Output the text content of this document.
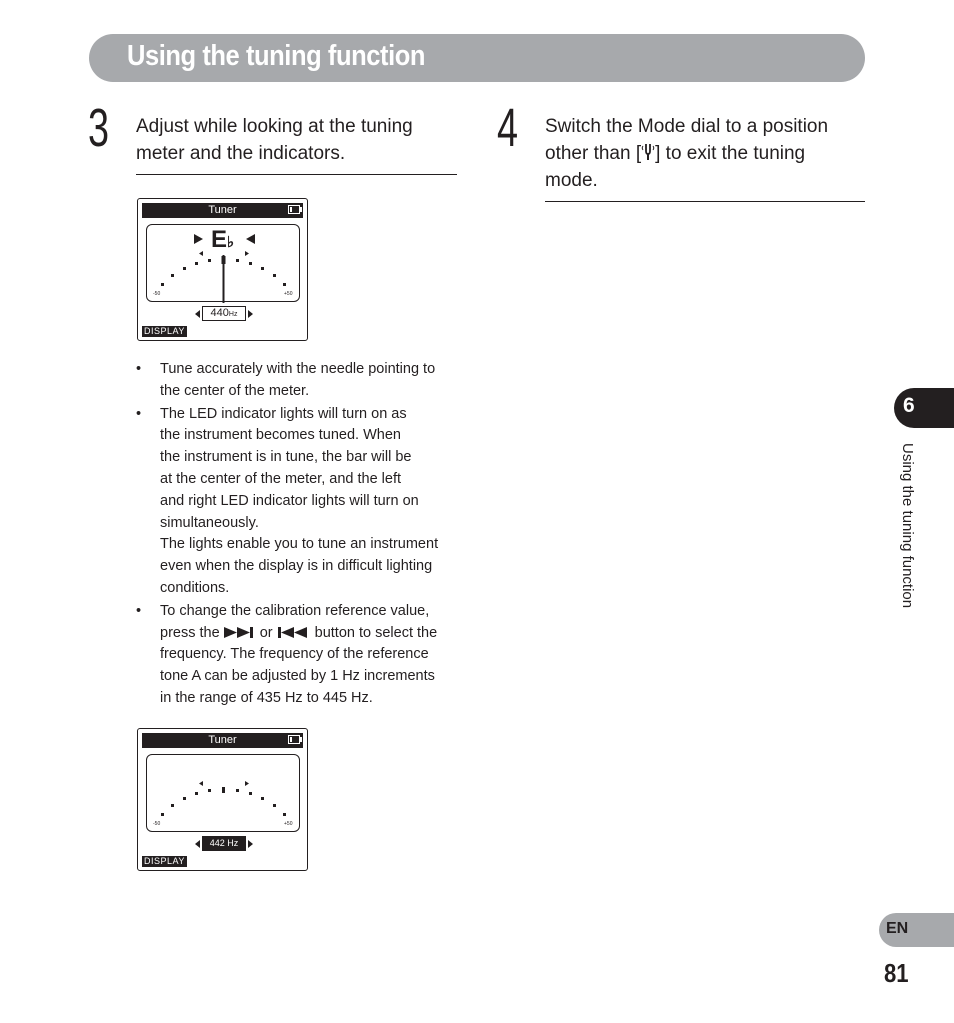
Using the tuning function
3 Adjust while looking at the tuning
meter and the indicators.	4 Switch the Mode dial to a position
other than [ ] to exit the tuning
mode.
Tuner
E ♭
-50	+50
440Hz
DISPLAY
• Tune accurately with the needle pointing to
the center of the meter.
• The LED indicator lights will turn on as
the instrument becomes tuned. When
the instrument is in tune, the bar will be
at the center of the meter, and the left
and right LED indicator lights will turn on
simultaneously.
The lights enable you to tune an instrument
even when the display is in difficult lighting
conditions.
• To change the calibration reference value,
press the  or  button to select the
frequency. The frequency of the reference
tone A can be adjusted by 1 Hz increments
in the range of 435 Hz to 445 Hz.
Tuner
-50	+50
442 Hz
DISPLAY
6
Using the tuning function
EN
81
